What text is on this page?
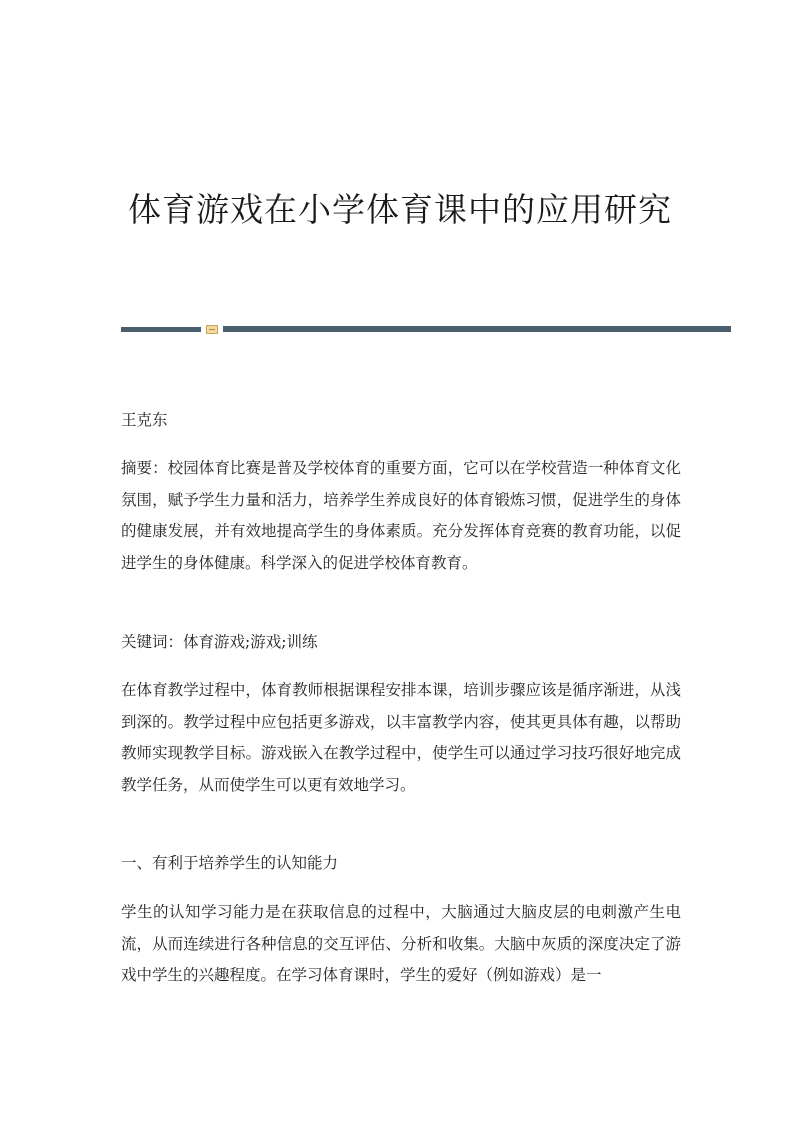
体育游戏在小学体育课中的应用研究

王克东

摘要：校园体育比赛是普及学校体育的重要方面，它可以在学校营造一种体育文化氛围，赋予学生力量和活力，培养学生养成良好的体育锻炼习惯，促进学生的身体的健康发展，并有效地提高学生的身体素质。充分发挥体育竞赛的教育功能，以促进学生的身体健康。科学深入的促进学校体育教育。

关键词：体育游戏;游戏;训练

在体育教学过程中，体育教师根据课程安排本课，培训步骤应该是循序渐进，从浅到深的。教学过程中应包括更多游戏，以丰富教学内容，使其更具体有趣，以帮助教师实现教学目标。游戏嵌入在教学过程中，使学生可以通过学习技巧很好地完成教学任务，从而使学生可以更有效地学习。

一、有利于培养学生的认知能力

学生的认知学习能力是在获取信息的过程中，大脑通过大脑皮层的电刺激产生电流，从而连续进行各种信息的交互评估、分析和收集。大脑中灰质的深度决定了游戏中学生的兴趣程度。在学习体育课时，学生的爱好（例如游戏）是一
